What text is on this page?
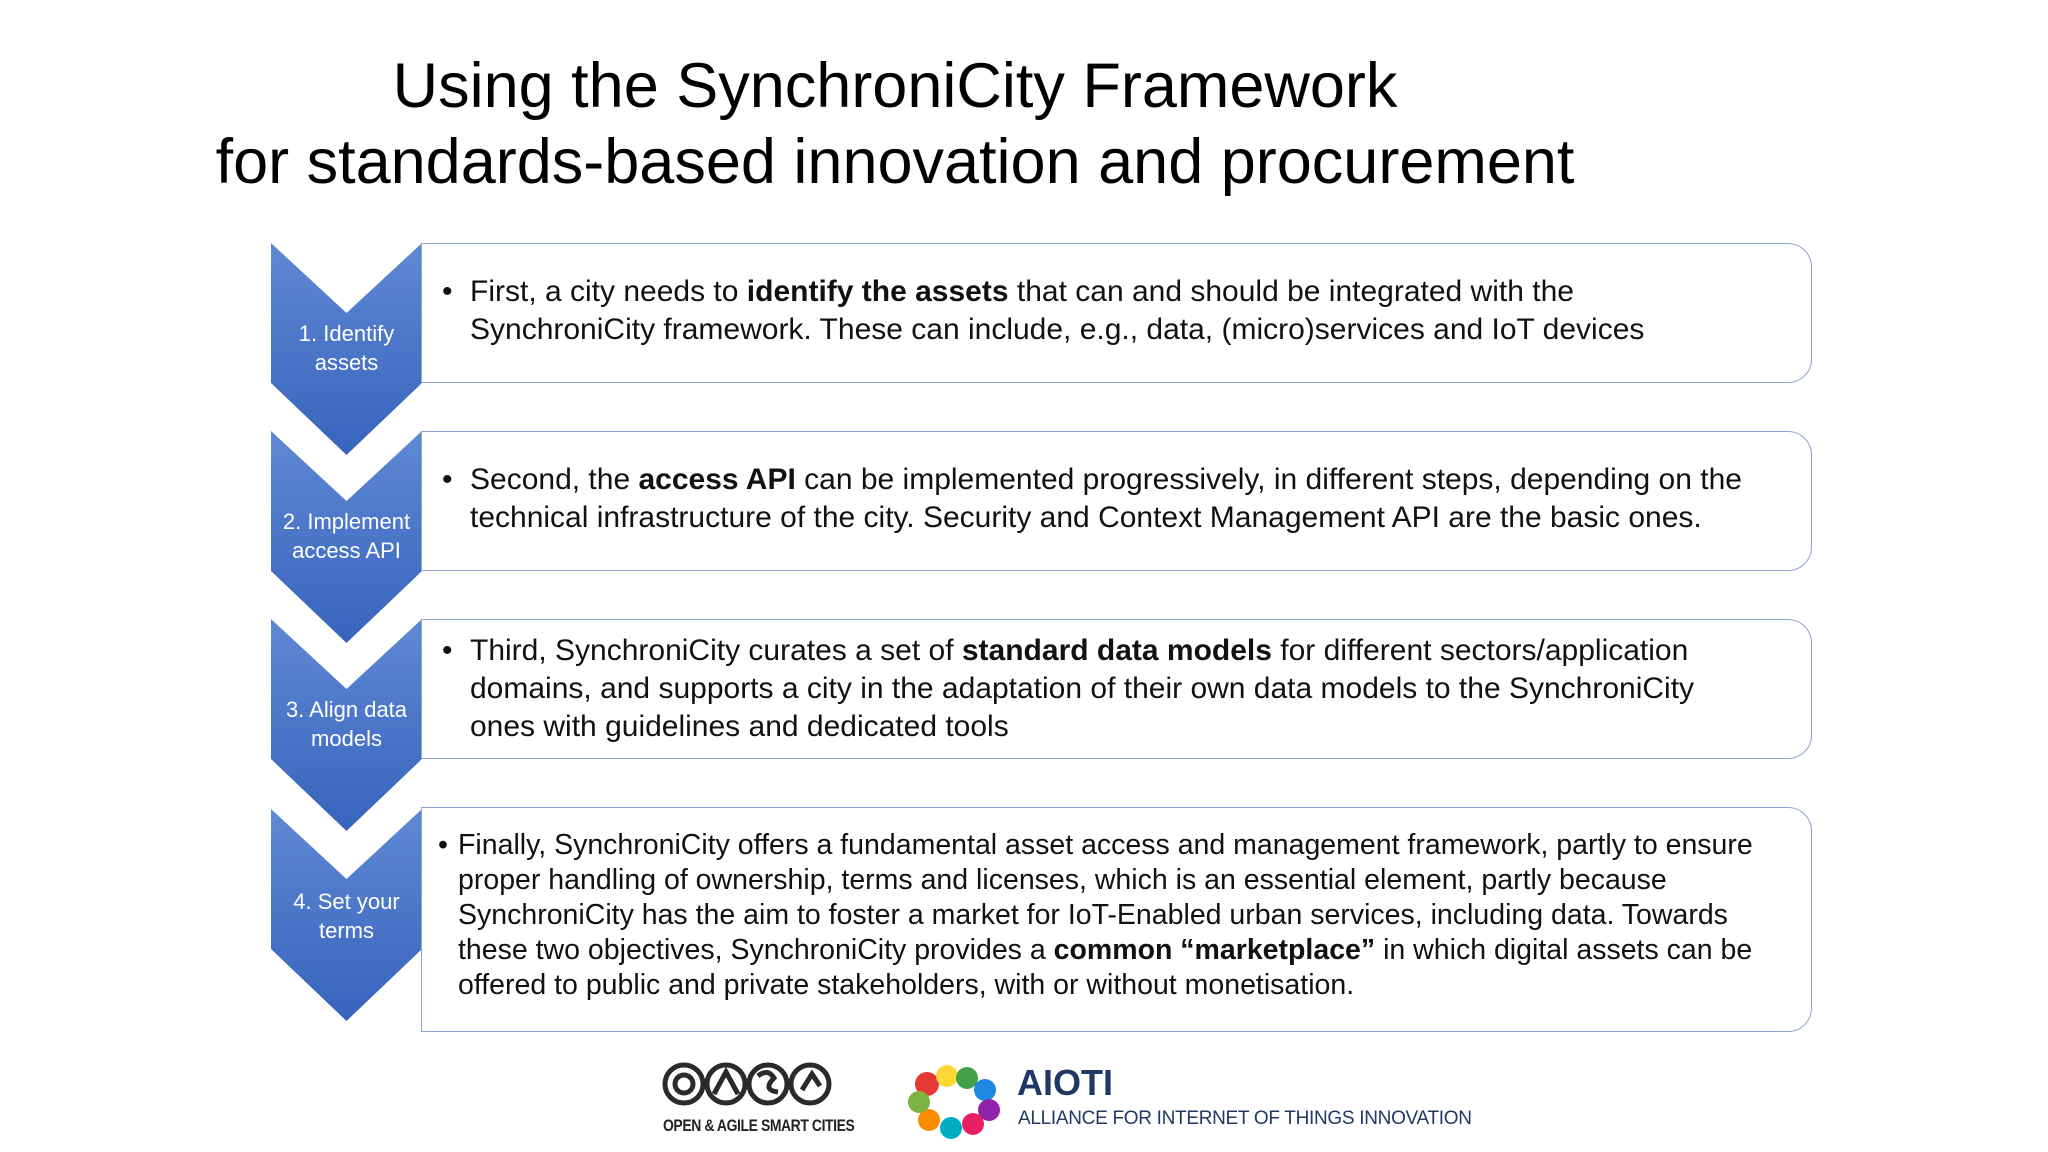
Using the SynchroniCity Framework
for standards-based innovation and procurement
1. Identify
assets
• First, a city needs to identify the assets that can and should be integrated with the
SynchroniCity framework. These can include, e.g., data, (micro)services and IoT devices
2. Implement
access API
• Second, the access API can be implemented progressively, in different steps, depending on the
technical infrastructure of the city. Security and Context Management API are the basic ones.
3. Align data
models
• Third, SynchroniCity curates a set of standard data models for different sectors/application
domains, and supports a city in the adaptation of their own data models to the SynchroniCity
ones with guidelines and dedicated tools
4. Set your
terms
• Finally, SynchroniCity offers a fundamental asset access and management framework, partly to ensure
proper handling of ownership, terms and licenses, which is an essential element, partly because
SynchroniCity has the aim to foster a market for IoT-Enabled urban services, including data. Towards
these two objectives, SynchroniCity provides a common “marketplace” in which digital assets can be
offered to public and private stakeholders, with or without monetisation.
OPEN & AGILE SMART CITIES
AIOTI
ALLIANCE FOR INTERNET OF THINGS INNOVATION
